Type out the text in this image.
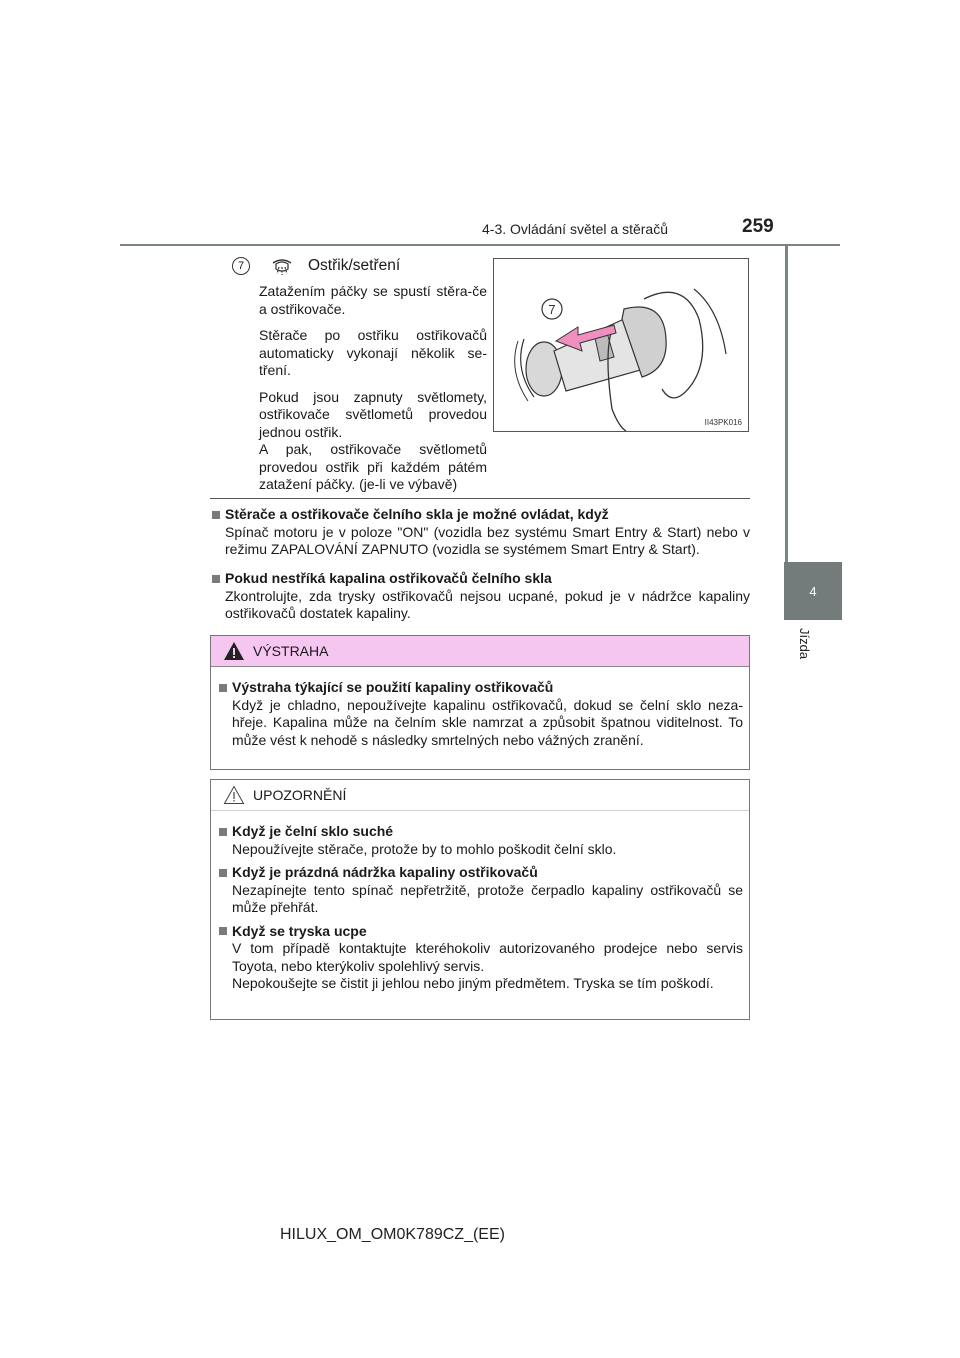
4-3. Ovládání světel a stěračů	259
4
Jízda
7	Ostřik/setření

Zatažením páčky se spustí stěra-če a ostřikovače.

Stěrače po ostřiku ostřikovačů automaticky vykonají několik se-tření.

Pokud jsou zapnuty světlomety, ostřikovače světlometů provedou jednou ostřik.

A pak, ostřikovače světlometů provedou ostřik při každém pátém zatažení páčky. (je-li ve výbavě)

7
II43PK016
Stěrače a ostřikovače čelního skla je možné ovládat, když
Spínač motoru je v poloze "ON" (vozidla bez systému Smart Entry & Start) nebo v režimu ZAPALOVÁNÍ ZAPNUTO (vozidla se systémem Smart Entry & Start).
Pokud nestříká kapalina ostřikovačů čelního skla
Zkontrolujte, zda trysky ostřikovačů nejsou ucpané, pokud je v nádržce kapaliny ostřikovačů dostatek kapaliny.
VÝSTRAHA
Výstraha týkající se použití kapaliny ostřikovačů
Když je chladno, nepoužívejte kapalinu ostřikovačů, dokud se čelní sklo neza-hřeje. Kapalina může na čelním skle namrzat a způsobit špatnou viditelnost. To může vést k nehodě s následky smrtelných nebo vážných zranění.
UPOZORNĚNÍ
Když je čelní sklo suché
Nepoužívejte stěrače, protože by to mohlo poškodit čelní sklo.
Když je prázdná nádržka kapaliny ostřikovačů
Nezapínejte tento spínač nepřetržitě, protože čerpadlo kapaliny ostřikovačů se může přehřát.
Když se tryska ucpe
V tom případě kontaktujte kteréhokoliv autorizovaného prodejce nebo servis Toyota, nebo kterýkoliv spolehlivý servis.
Nepokoušejte se čistit ji jehlou nebo jiným předmětem. Tryska se tím poškodí.
HILUX_OM_OM0K789CZ_(EE)
